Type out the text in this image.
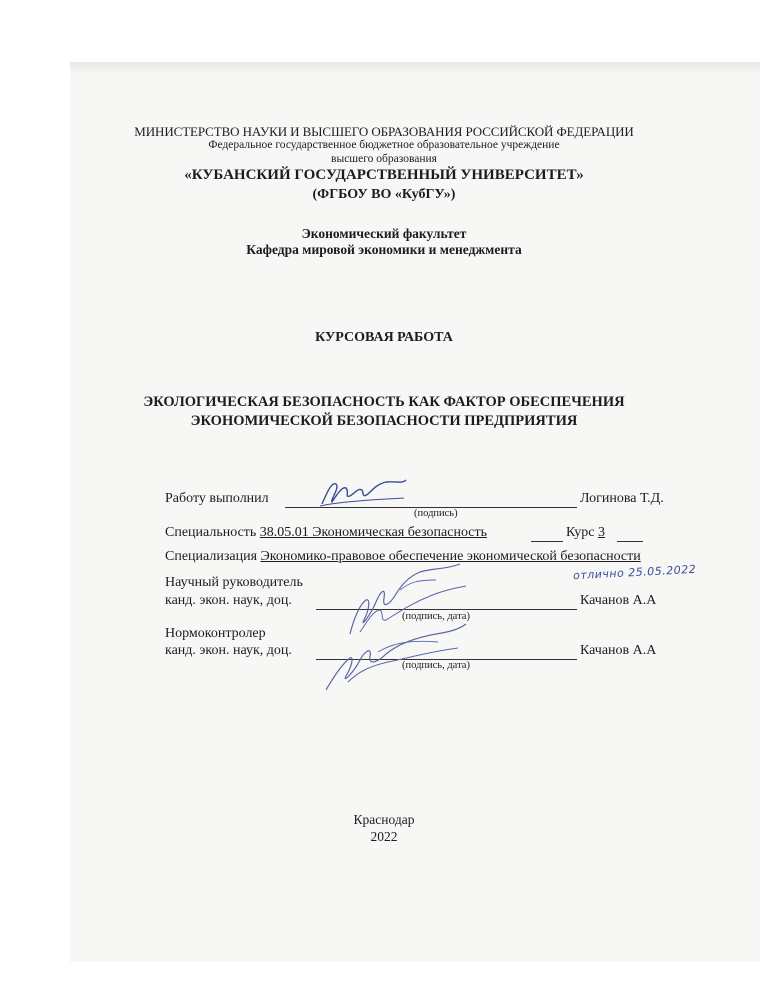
МИНИСТЕРСТВО НАУКИ И ВЫСШЕГО ОБРАЗОВАНИЯ РОССИЙСКОЙ ФЕДЕРАЦИИ
Федеральное государственное бюджетное образовательное учреждение
высшего образования
«КУБАНСКИЙ ГОСУДАРСТВЕННЫЙ УНИВЕРСИТЕТ»
(ФГБОУ ВО «КубГУ»)
Экономический факультет
Кафедра мировой экономики и менеджмента
КУРСОВАЯ РАБОТА
ЭКОЛОГИЧЕСКАЯ БЕЗОПАСНОСТЬ КАК ФАКТОР ОБЕСПЕЧЕНИЯ
ЭКОНОМИЧЕСКОЙ БЕЗОПАСНОСТИ ПРЕДПРИЯТИЯ
Работу выполнил	Логинова Т.Д.
(подпись)
Специальность 38.05.01 Экономическая безопасность	Курс 3
Специализация Экономико-правовое обеспечение экономической безопасности
Научный руководитель
отлично 25.05.2022
канд. экон. наук, доц.	Качанов А.А
(подпись, дата)
Нормоконтролер
канд. экон. наук, доц.	Качанов А.А
(подпись, дата)
Краснодар
2022
